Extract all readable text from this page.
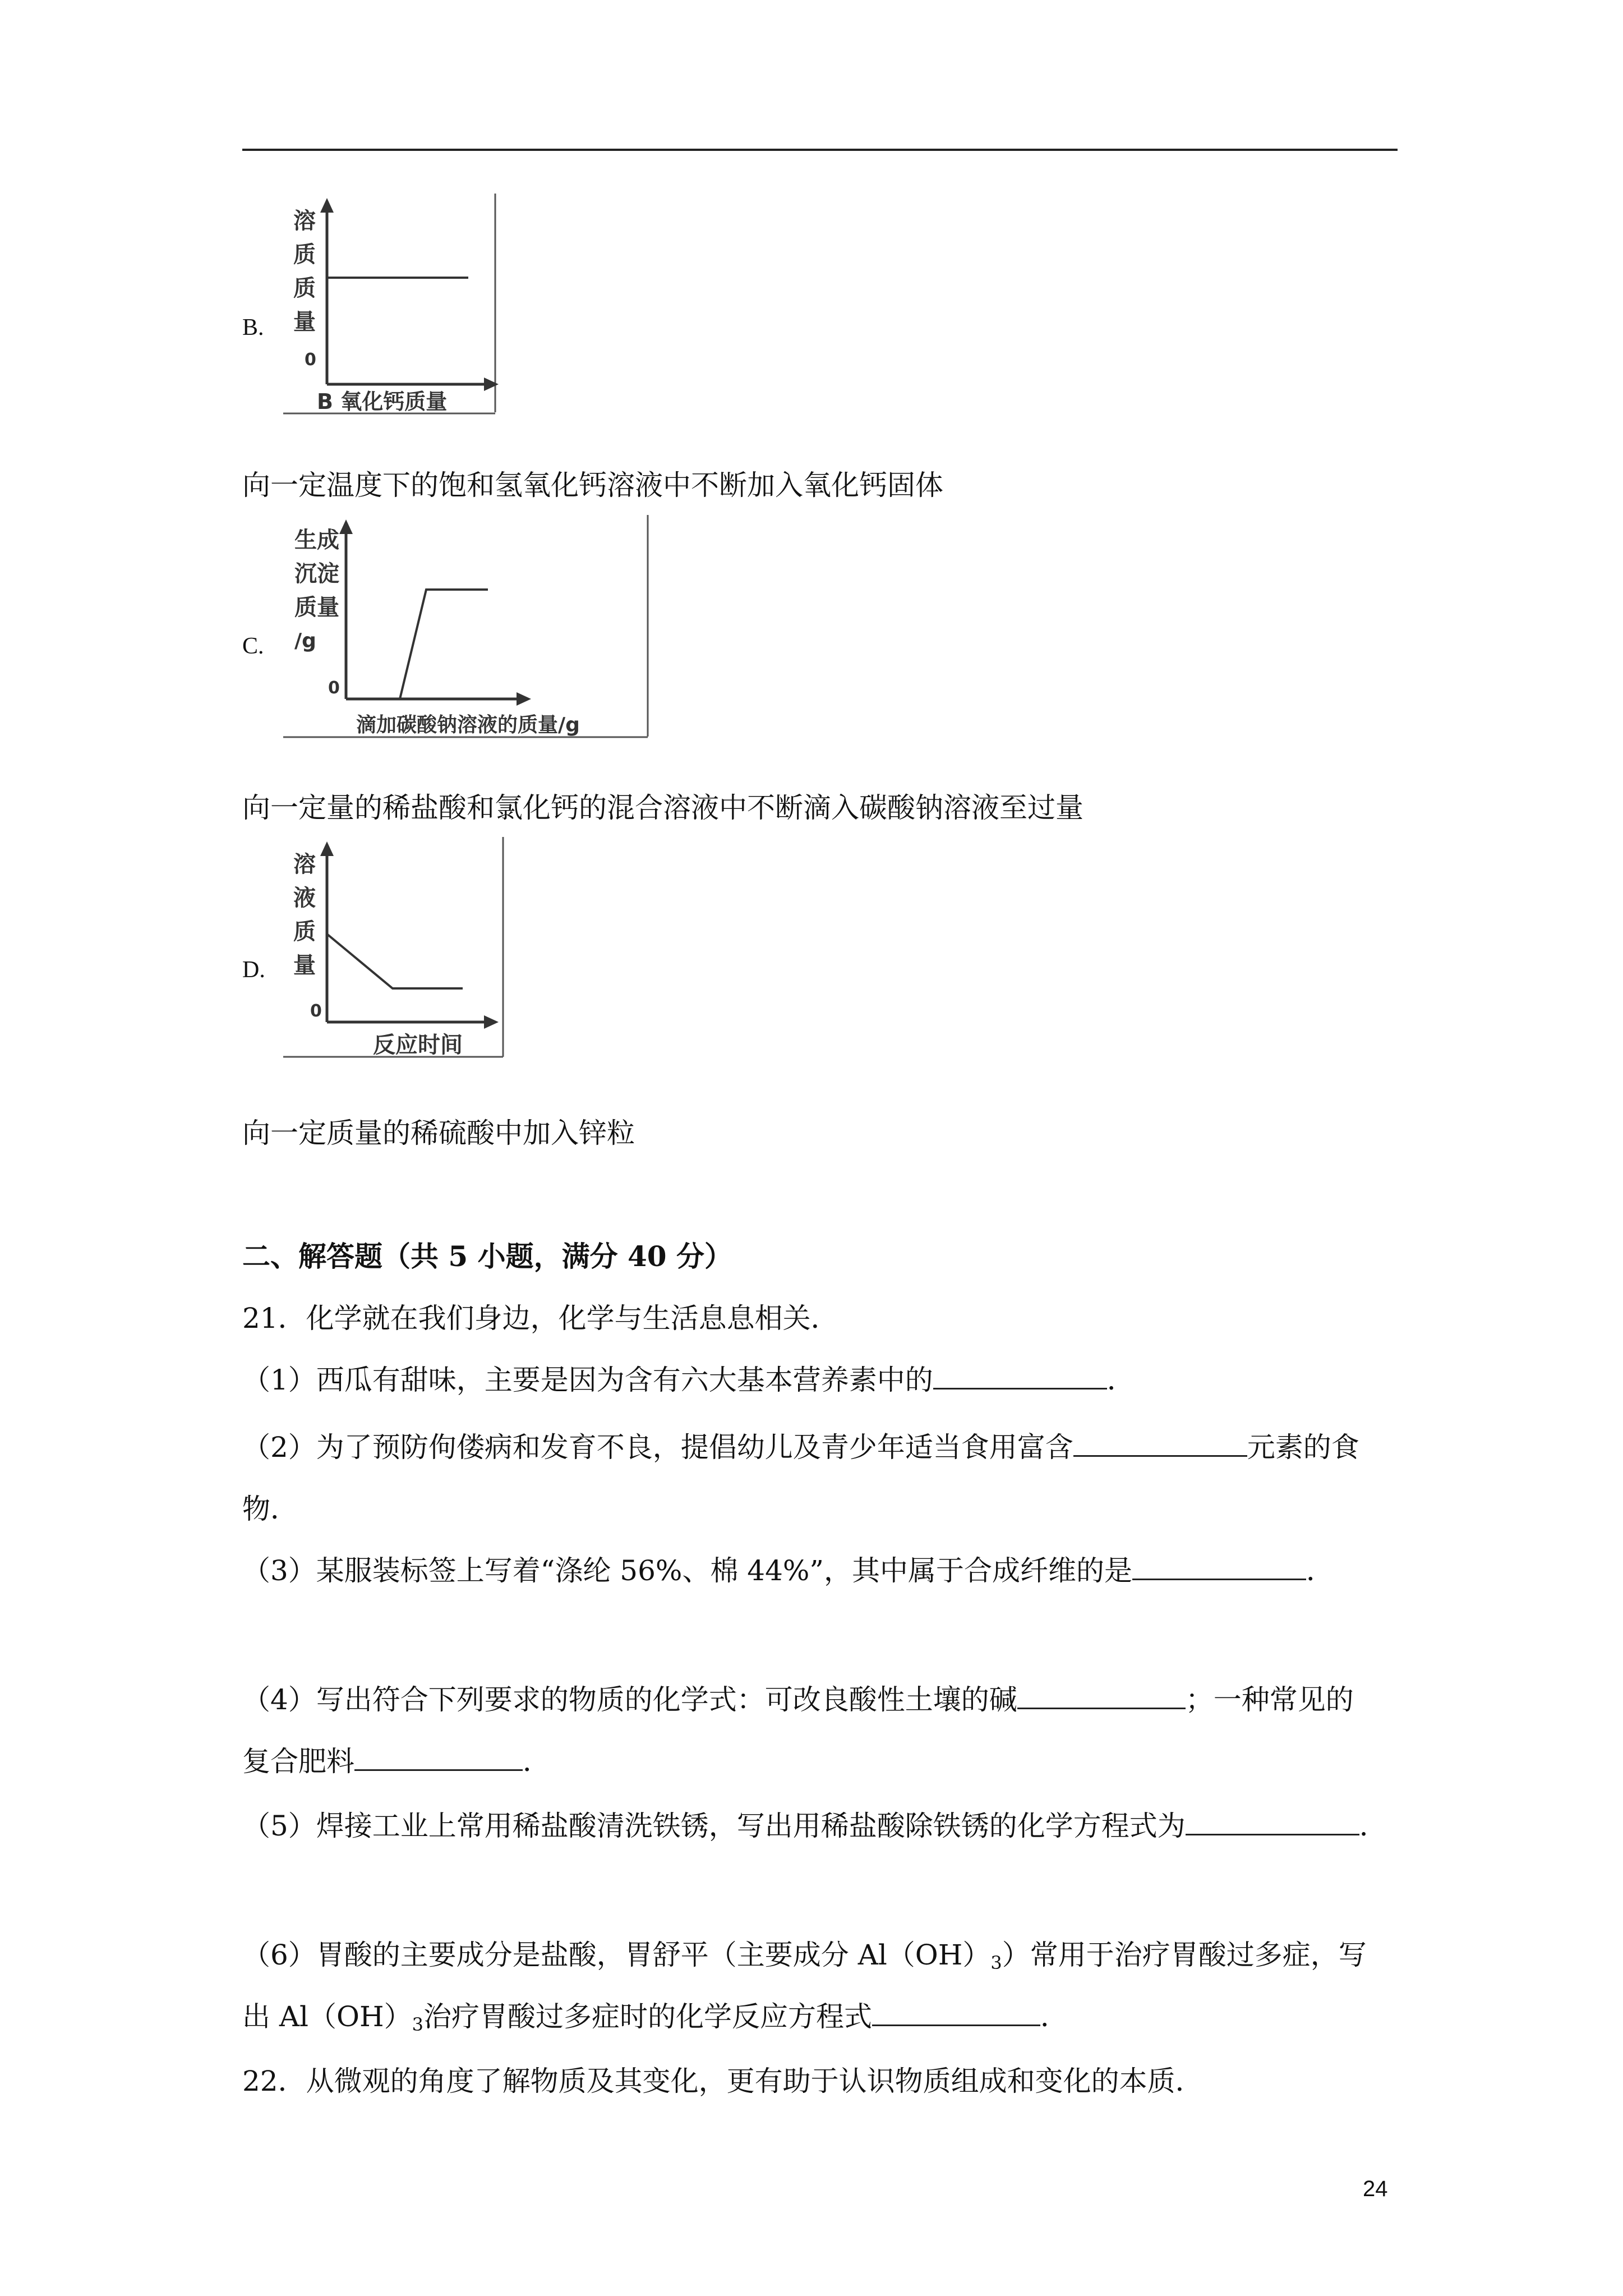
B.
溶
质
质
量
0
B 氧化钙质量
向一定温度下的饱和氢氧化钙溶液中不断加入氧化钙固体
C.
生成
沉淀
质量
/g
0
滴加碳酸钠溶液的质量/g
向一定量的稀盐酸和氯化钙的混合溶液中不断滴入碳酸钠溶液至过量
D.
溶
液
质
量
0
反应时间
向一定质量的稀硫酸中加入锌粒
二、解答题（共 5 小题，满分 40 分）
21．化学就在我们身边，化学与生活息息相关．
（1）西瓜有甜味，主要是因为含有六大基本营养素中的	．
（2）为了预防佝偻病和发育不良，提倡幼儿及青少年适当食用富含	元素的食
物．
（3）某服装标签上写着“涤纶 56%、棉 44%”，其中属于合成纤维的是	．
（4）写出符合下列要求的物质的化学式：可改良酸性土壤的碱	；一种常见的
复合肥料	．
（5）焊接工业上常用稀盐酸清洗铁锈，写出用稀盐酸除铁锈的化学方程式为	．
（6）胃酸的主要成分是盐酸，胃舒平（主要成分 $Al(OH)_3$）常用于治疗胃酸过多症，写
出 $Al(OH)_3$治疗胃酸过多症时的化学反应方程式	．
22．从微观的角度了解物质及其变化，更有助于认识物质组成和变化的本质．
24
